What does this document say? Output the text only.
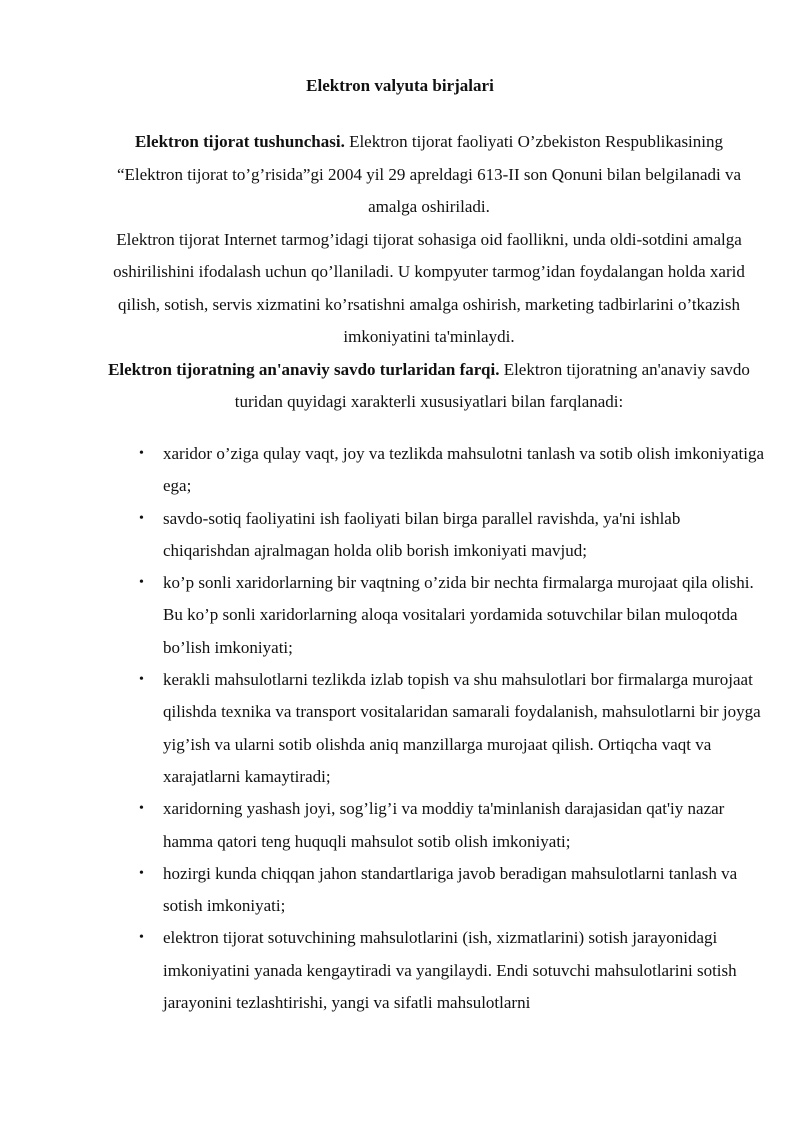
Elektron valyuta birjalari

Elektron tijorat tushunchasi. Elektron tijorat faoliyati O’zbekiston Respublikasining “Elektron tijorat to’g’risida”gi 2004 yil 29 apreldagi 613-II son Qonuni bilan belgilanadi va amalga oshiriladi.

Elektron tijorat Internet tarmog’idagi tijorat sohasiga oid faollikni, unda oldi-sotdini amalga oshirilishini ifodalash uchun qo’llaniladi. U kompyuter tarmog’idan foydalangan holda xarid qilish, sotish, servis xizmatini ko’rsatishni amalga oshirish, marketing tadbirlarini o’tkazish imkoniyatini ta'minlaydi.

Elektron tijoratning an'anaviy savdo turlaridan farqi. Elektron tijoratning an'anaviy savdo turidan quyidagi xarakterli xususiyatlari bilan farqlanadi:

• xaridor o’ziga qulay vaqt, joy va tezlikda mahsulotni tanlash va sotib olish imkoniyatiga ega;
• savdo-sotiq faoliyatini ish faoliyati bilan birga parallel ravishda, ya'ni ishlab chiqarishdan ajralmagan holda olib borish imkoniyati mavjud;
• ko’p sonli xaridorlarning bir vaqtning o’zida bir nechta firmalarga murojaat qila olishi. Bu ko’p sonli xaridorlarning aloqa vositalari yordamida sotuvchilar bilan muloqotda bo’lish imkoniyati;
• kerakli mahsulotlarni tezlikda izlab topish va shu mahsulotlari bor firmalarga murojaat qilishda texnika va transport vositalaridan samarali foydalanish, mahsulotlarni bir joyga yig’ish va ularni sotib olishda aniq manzillarga murojaat qilish. Ortiqcha vaqt va xarajatlarni kamaytiradi;
• xaridorning yashash joyi, sog’lig’i va moddiy ta'minlanish darajasidan qat'iy nazar hamma qatori teng huquqli mahsulot sotib olish imkoniyati;
• hozirgi kunda chiqqan jahon standartlariga javob beradigan mahsulotlarni tanlash va sotish imkoniyati;
• elektron tijorat sotuvchining mahsulotlarini (ish, xizmatlarini) sotish jarayonidagi imkoniyatini yanada kengaytiradi va yangilaydi. Endi sotuvchi mahsulotlarini sotish jarayonini tezlashtirishi, yangi va sifatli mahsulotlarni
